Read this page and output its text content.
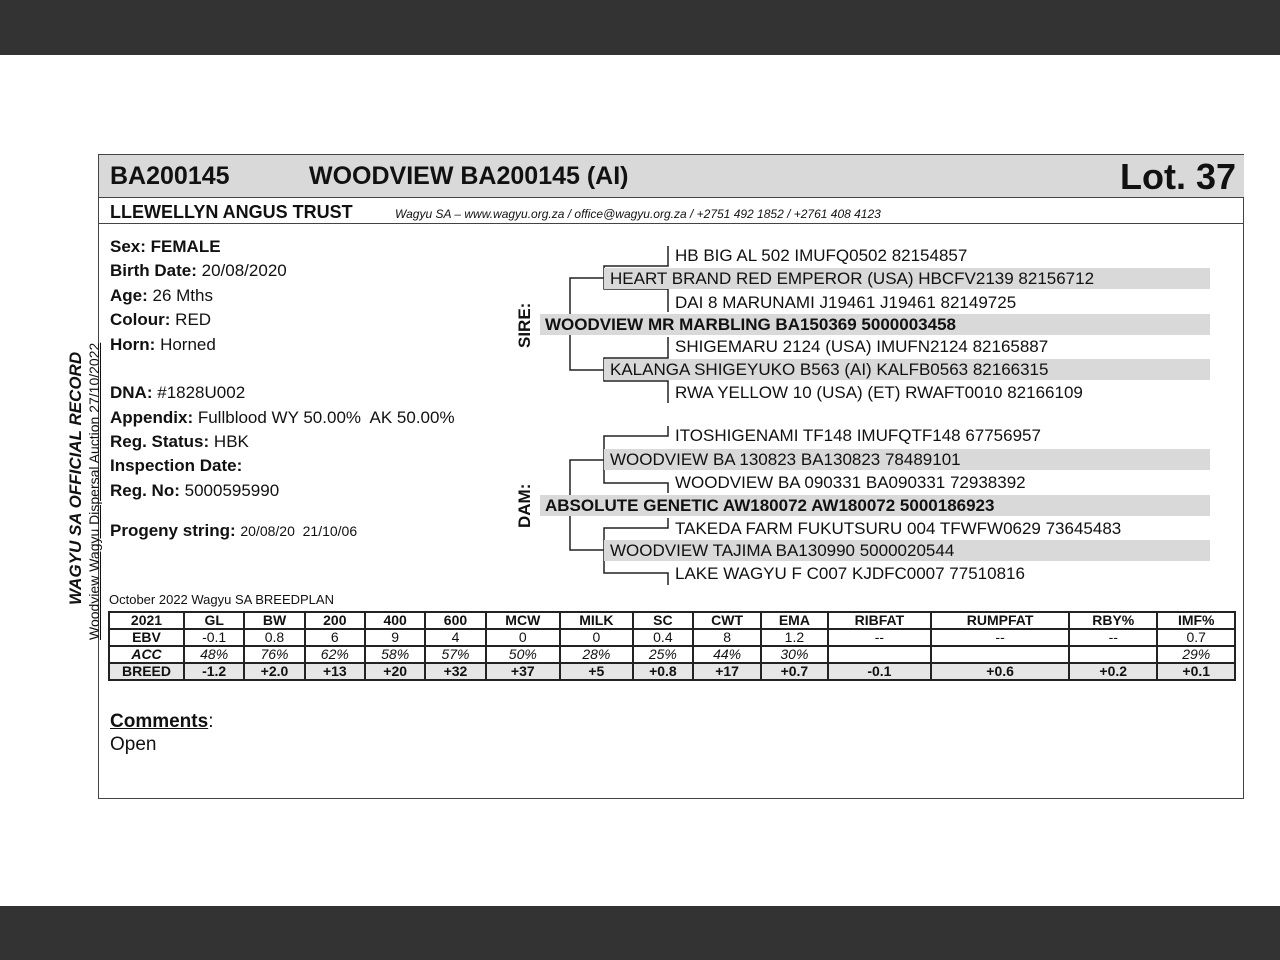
BA200145	WOODVIEW BA200145 (AI)	Lot. 37
LLEWELLYN ANGUS TRUST	Wagyu SA – www.wagyu.org.za / office@wagyu.org.za / +2751 492 1852 / +2761 408 4123
WAGYU SA OFFICIAL RECORD Woodview Wagyu Dispersal Auction 27/10/2022
Sex: FEMALE
Birth Date: 20/08/2020
Age: 26 Mths
Colour: RED
Horn: Horned
DNA: #1828U002
Appendix: Fullblood WY 50.00%  AK 50.00%
Reg. Status: HBK
Inspection Date:
Reg. No: 5000595990
Progeny string: 20/08/20  21/10/06
SIRE:
DAM:
HB BIG AL 502 IMUFQ0502 82154857
HEART BRAND RED EMPEROR (USA) HBCFV2139 82156712
DAI 8 MARUNAMI J19461 J19461 82149725
WOODVIEW MR MARBLING BA150369 5000003458
SHIGEMARU 2124 (USA) IMUFN2124 82165887
KALANGA SHIGEYUKO B563 (AI) KALFB0563 82166315
RWA YELLOW 10 (USA) (ET) RWAFT0010 82166109
ITOSHIGENAMI TF148 IMUFQTF148 67756957
WOODVIEW BA 130823 BA130823 78489101
WOODVIEW BA 090331 BA090331 72938392
ABSOLUTE GENETIC AW180072 AW180072 5000186923
TAKEDA FARM FUKUTSURU 004 TFWFW0629 73645483
WOODVIEW TAJIMA BA130990 5000020544
LAKE WAGYU F C007 KJDFC0007 77510816
October 2022 Wagyu SA BREEDPLAN
2021	GL	BW	200	400	600	MCW	MILK	SC	CWT	EMA	RIBFAT	RUMPFAT	RBY%	IMF%
EBV	-0.1	0.8	6	9	4	0	0	0.4	8	1.2	--	--	--	0.7
ACC	48%	76%	62%	58%	57%	50%	28%	25%	44%	30%				29%
BREED	-1.2	+2.0	+13	+20	+32	+37	+5	+0.8	+17	+0.7	-0.1	+0.6	+0.2	+0.1
Comments:
Open
